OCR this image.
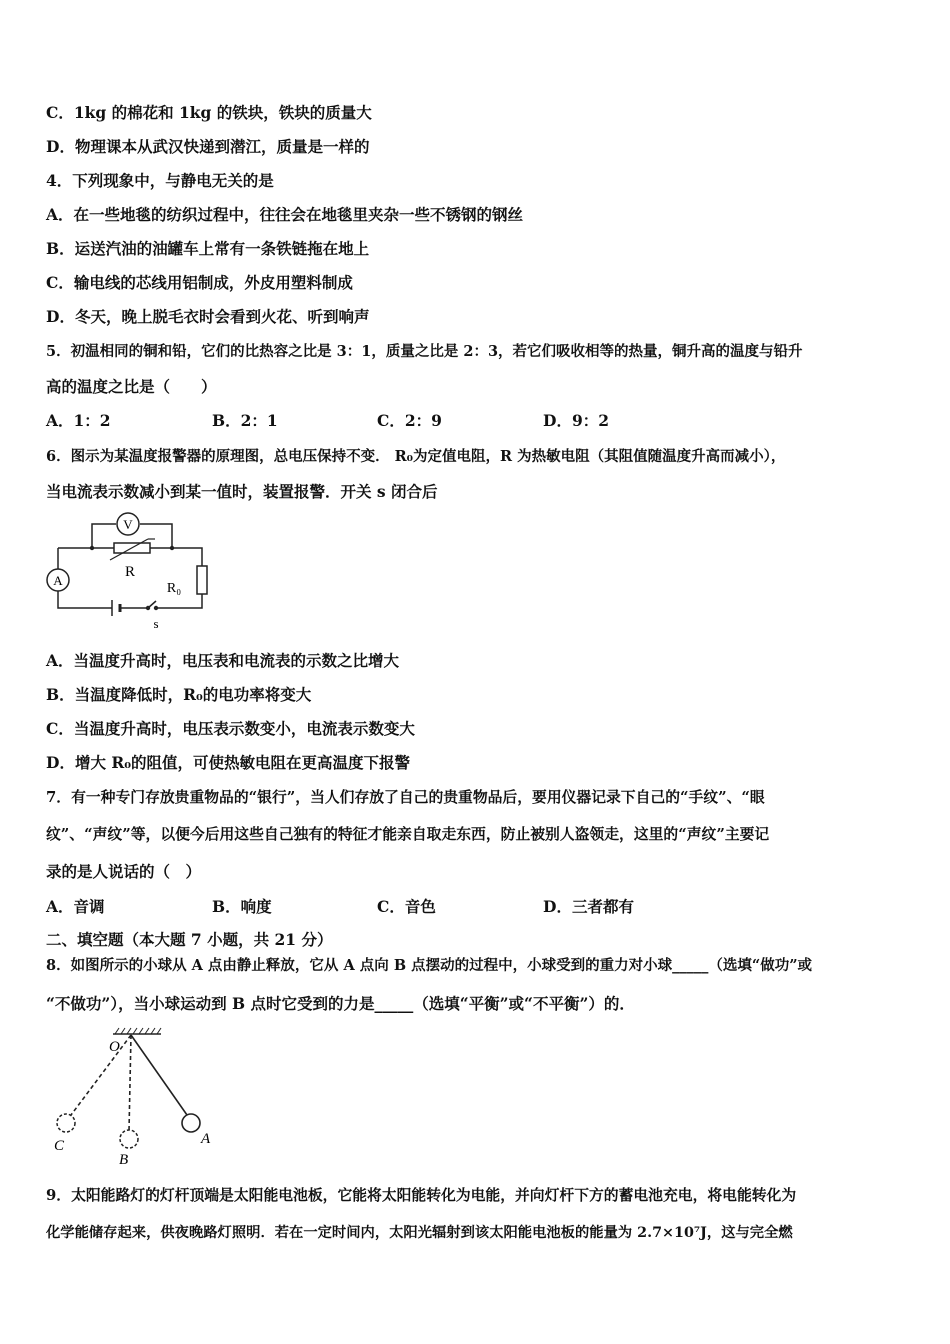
C．1kg 的棉花和 1kg 的铁块，铁块的质量大
D．物理课本从武汉快递到潜江，质量是一样的
4．下列现象中，与静电无关的是
A．在一些地毯的纺织过程中，往往会在地毯里夹杂一些不锈钢的钢丝
B．运送汽油的油罐车上常有一条铁链拖在地上
C．输电线的芯线用铝制成，外皮用塑料制成
D．冬天，晚上脱毛衣时会看到火花、听到响声
5．初温相同的铜和铅，它们的比热容之比是 3：1，质量之比是 2：3，若它们吸收相等的热量，铜升高的温度与铅升
高的温度之比是（　　）
A．1：2	B．2：1	C．2：9	D．9：2
6．图示为某温度报警器的原理图，总电压保持不变． R₀为定值电阻，R 为热敏电阻（其阻值随温度升高而减小），
当电流表示数减小到某一值时，装置报警．开关 s 闭合后
V
A
R
R₀
s
A．当温度升高时，电压表和电流表的示数之比增大
B．当温度降低时，R₀的电功率将变大
C．当温度升高时，电压表示数变小，电流表示数变大
D．增大 R₀的阻值，可使热敏电阻在更高温度下报警
7．有一种专门存放贵重物品的“银行”，当人们存放了自己的贵重物品后，要用仪器记录下自己的“手纹”、“眼
纹”、“声纹”等，以便今后用这些自己独有的特征才能亲自取走东西，防止被别人盗领走，这里的“声纹”主要记
录的是人说话的（　）
A．音调	B．响度	C．音色	D．三者都有
二、填空题（本大题 7 小题，共 21 分）
8．如图所示的小球从 A 点由静止释放，它从 A 点向 B 点摆动的过程中，小球受到的重力对小球_____（选填“做功”或
“不做功”），当小球运动到 B 点时它受到的力是_____（选填“平衡”或“不平衡”）的．
O
A
B
C
9．太阳能路灯的灯杆顶端是太阳能电池板，它能将太阳能转化为电能，并向灯杆下方的蓄电池充电，将电能转化为
化学能储存起来，供夜晚路灯照明．若在一定时间内，太阳光辐射到该太阳能电池板的能量为 2.7×10⁷J，这与完全燃
